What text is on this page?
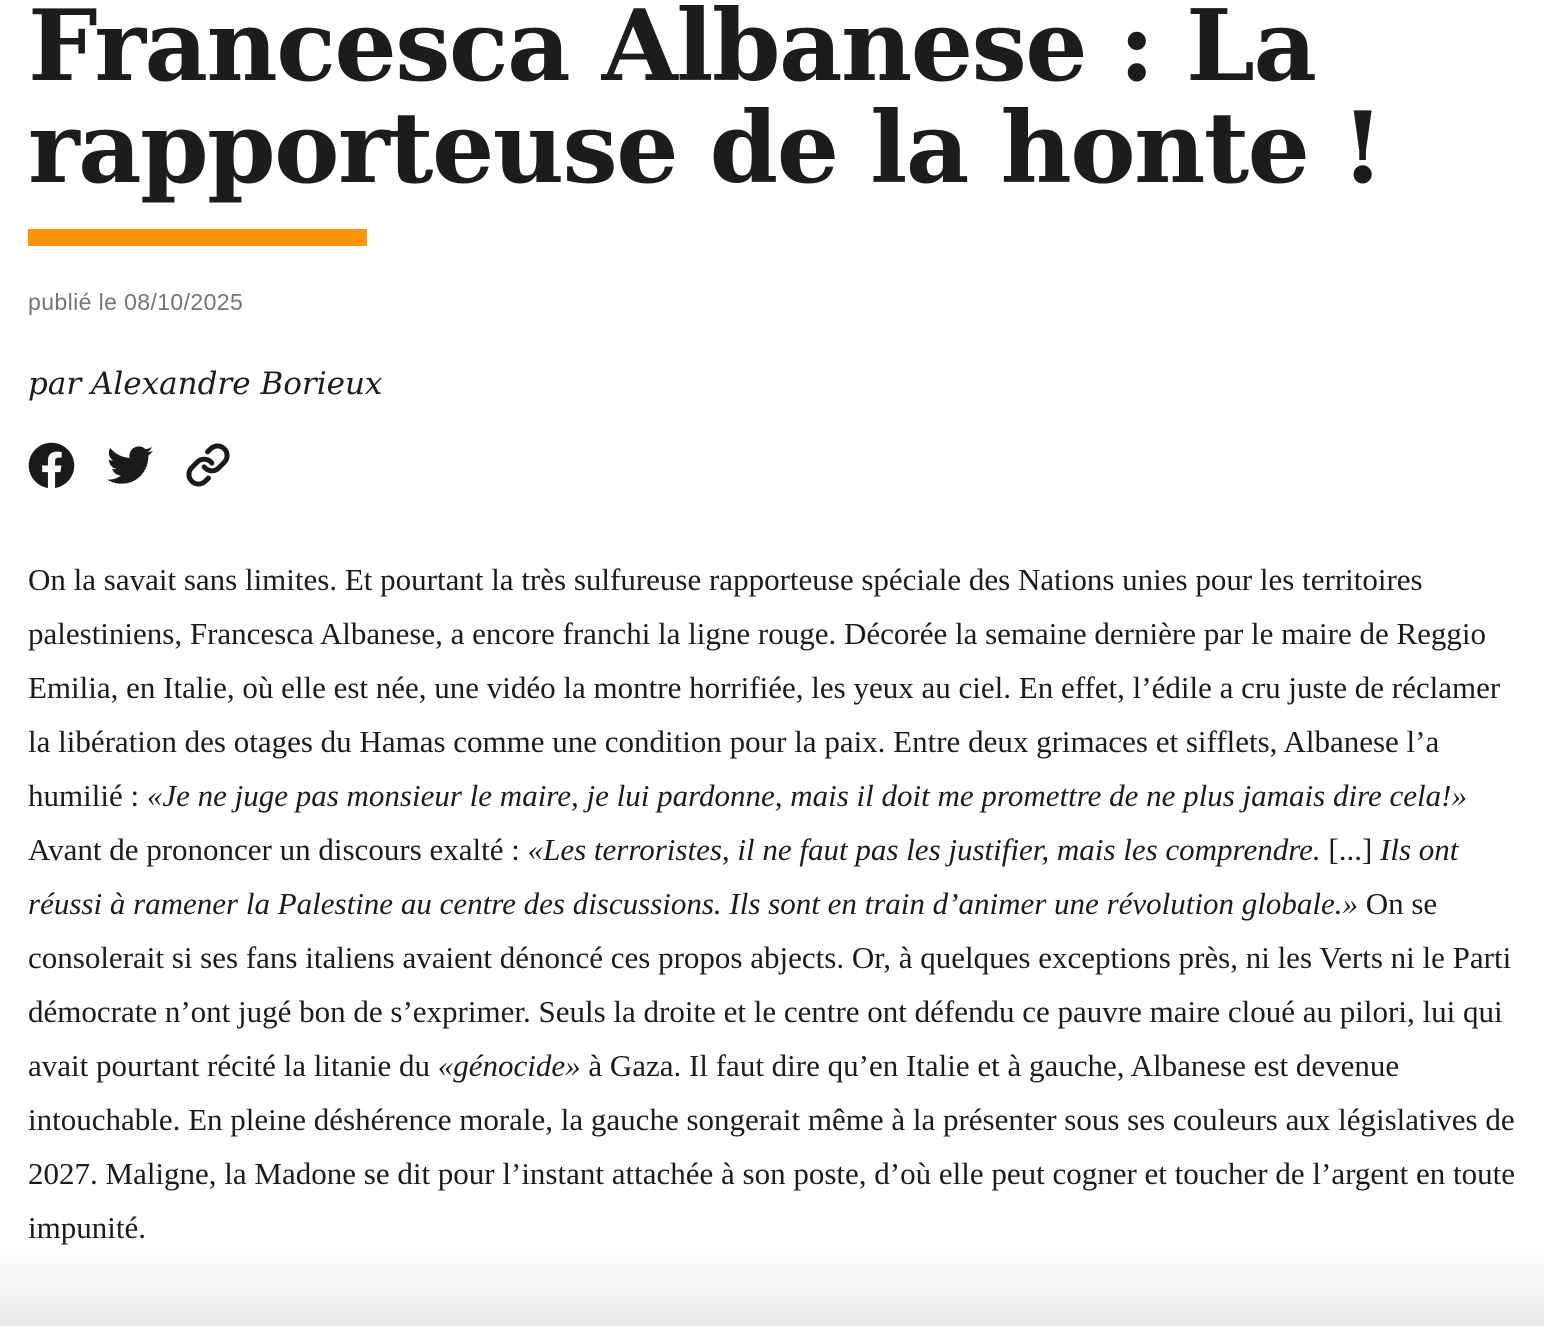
Francesca Albanese : La
rapporteuse de la honte !
publié le 08/10/2025
par Alexandre Borieux

On la savait sans limites. Et pourtant la très sulfureuse rapporteuse spéciale des Nations unies pour les territoires palestiniens, Francesca Albanese, a encore franchi la ligne rouge. Décorée la semaine dernière par le maire de Reggio Emilia, en Italie, où elle est née, une vidéo la montre horrifiée, les yeux au ciel. En effet, l’édile a cru juste de réclamer la libération des otages du Hamas comme une condition pour la paix. Entre deux grimaces et sifflets, Albanese l’a humilié : «Je ne juge pas monsieur le maire, je lui pardonne, mais il doit me promettre de ne plus jamais dire cela!» Avant de prononcer un discours exalté : «Les terroristes, il ne faut pas les justifier, mais les comprendre. [...] Ils ont réussi à ramener la Palestine au centre des discussions. Ils sont en train d’animer une révolution globale.» On se consolerait si ses fans italiens avaient dénoncé ces propos abjects. Or, à quelques exceptions près, ni les Verts ni le Parti démocrate n’ont jugé bon de s’exprimer. Seuls la droite et le centre ont défendu ce pauvre maire cloué au pilori, lui qui avait pourtant récité la litanie du «génocide» à Gaza. Il faut dire qu’en Italie et à gauche, Albanese est devenue intouchable. En pleine déshérence morale, la gauche songerait même à la présenter sous ses couleurs aux législatives de 2027. Maligne, la Madone se dit pour l’instant attachée à son poste, d’où elle peut cogner et toucher de l’argent en toute impunité.
